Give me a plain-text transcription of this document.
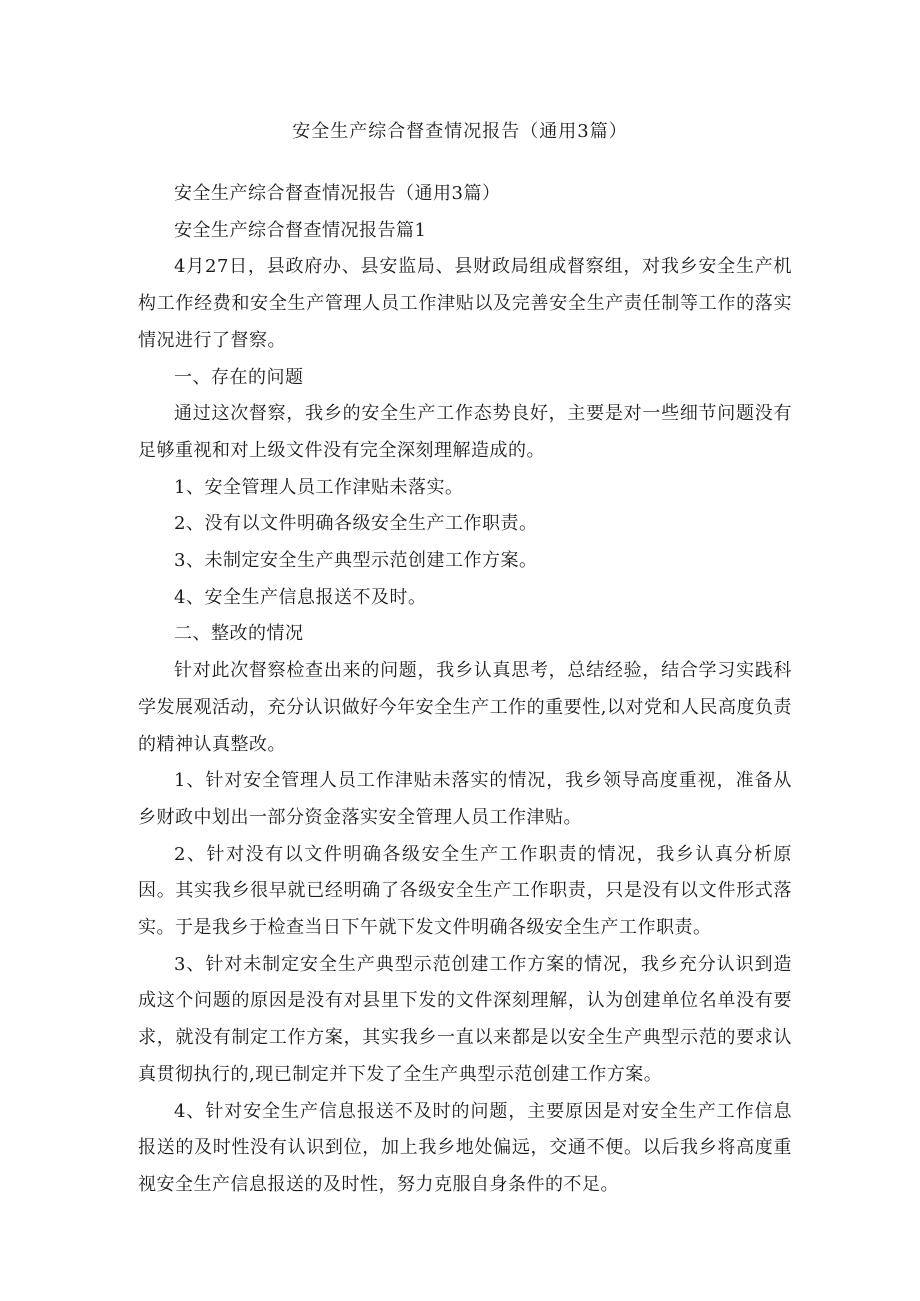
安全生产综合督查情况报告（通用3篇）

安全生产综合督查情况报告（通用3篇）

安全生产综合督查情况报告篇1

4月27日，县政府办、县安监局、县财政局组成督察组，对我乡安全生产机构工作经费和安全生产管理人员工作津贴以及完善安全生产责任制等工作的落实情况进行了督察。

一、存在的问题

通过这次督察，我乡的安全生产工作态势良好，主要是对一些细节问题没有足够重视和对上级文件没有完全深刻理解造成的。

1、安全管理人员工作津贴未落实。

2、没有以文件明确各级安全生产工作职责。

3、未制定安全生产典型示范创建工作方案。

4、安全生产信息报送不及时。

二、整改的情况

针对此次督察检查出来的问题，我乡认真思考，总结经验，结合学习实践科学发展观活动，充分认识做好今年安全生产工作的重要性,以对党和人民高度负责的精神认真整改。

1、针对安全管理人员工作津贴未落实的情况，我乡领导高度重视，准备从乡财政中划出一部分资金落实安全管理人员工作津贴。

2、针对没有以文件明确各级安全生产工作职责的情况，我乡认真分析原因。其实我乡很早就已经明确了各级安全生产工作职责，只是没有以文件形式落实。于是我乡于检查当日下午就下发文件明确各级安全生产工作职责。

3、针对未制定安全生产典型示范创建工作方案的情况，我乡充分认识到造成这个问题的原因是没有对县里下发的文件深刻理解，认为创建单位名单没有要求，就没有制定工作方案，其实我乡一直以来都是以安全生产典型示范的要求认真贯彻执行的,现已制定并下发了全生产典型示范创建工作方案。

4、针对安全生产信息报送不及时的问题，主要原因是对安全生产工作信息报送的及时性没有认识到位，加上我乡地处偏远，交通不便。以后我乡将高度重视安全生产信息报送的及时性，努力克服自身条件的不足。
